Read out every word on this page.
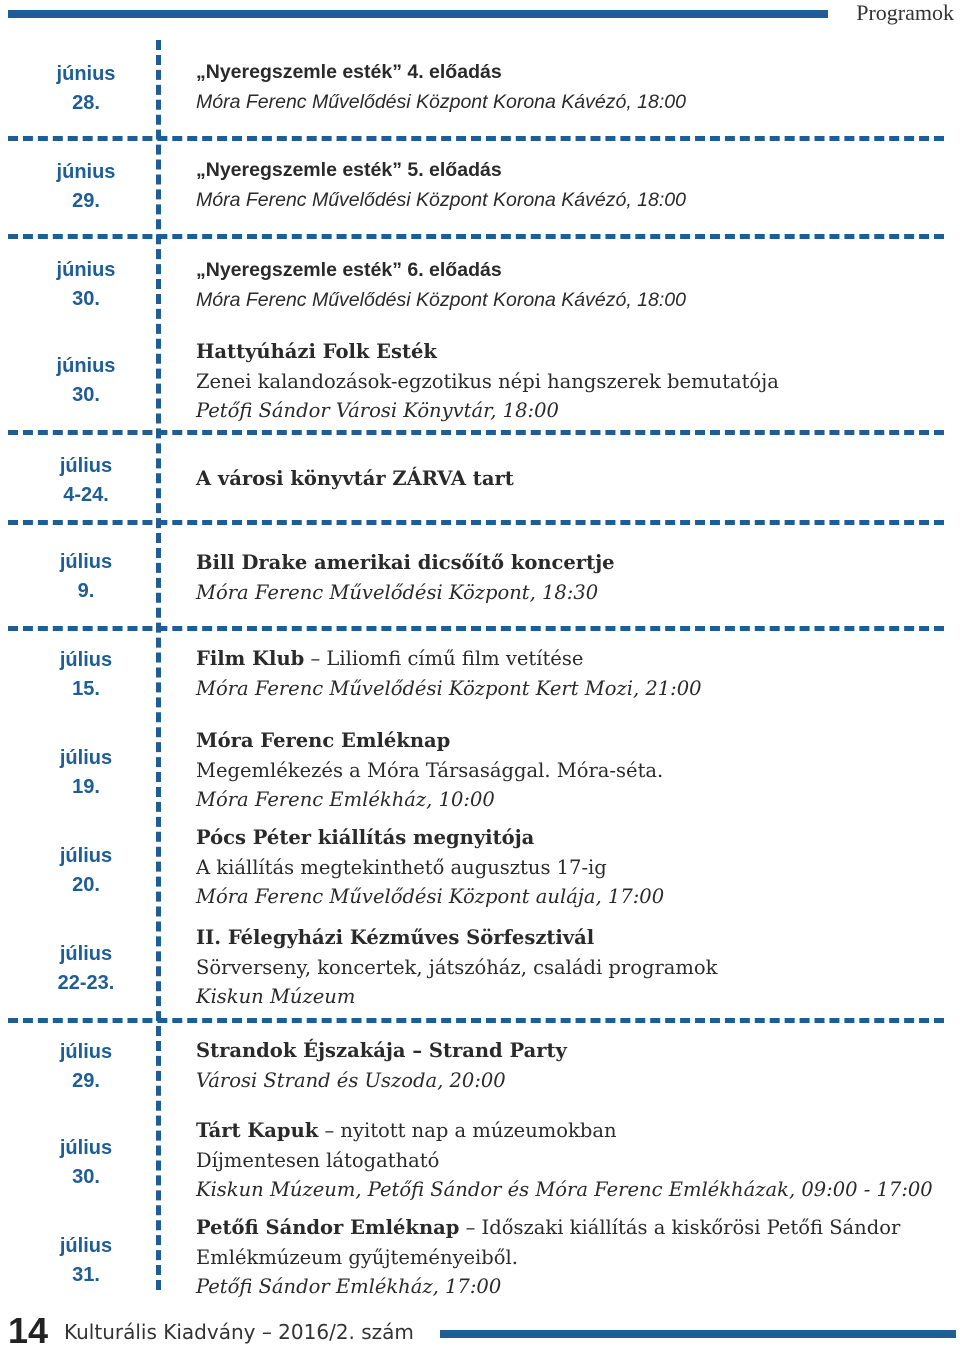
Programok
június
28.
„Nyeregszemle esték” 4. előadás
Móra Ferenc Művelődési Központ Korona Kávézó, 18:00
június
29.
„Nyeregszemle esték” 5. előadás
Móra Ferenc Művelődési Központ Korona Kávézó, 18:00
június
30.
„Nyeregszemle esték” 6. előadás
Móra Ferenc Művelődési Központ Korona Kávézó, 18:00
június
30.
Hattyúházi Folk Esték
Zenei kalandozások-egzotikus népi hangszerek bemutatója
Petőfi Sándor Városi Könyvtár, 18:00
július
4-24.
A városi könyvtár ZÁRVA tart
július
9.
Bill Drake amerikai dicsőítő koncertje
Móra Ferenc Művelődési Központ, 18:30
július
15.
Film Klub – Liliomfi című film vetítése
Móra Ferenc Művelődési Központ Kert Mozi, 21:00
július
19.
Móra Ferenc Emléknap
Megemlékezés a Móra Társasággal. Móra-séta.
Móra Ferenc Emlékház, 10:00
július
20.
Pócs Péter kiállítás megnyitója
A kiállítás megtekinthető augusztus 17-ig
Móra Ferenc Művelődési Központ aulája, 17:00
július
22-23.
II. Félegyházi Kézműves Sörfesztivál
Sörverseny, koncertek, játszóház, családi programok
Kiskun Múzeum
július
29.
Strandok Éjszakája – Strand Party
Városi Strand és Uszoda, 20:00
július
30.
Tárt Kapuk – nyitott nap a múzeumokban
Díjmentesen látogatható
Kiskun Múzeum, Petőfi Sándor és Móra Ferenc Emlékházak, 09:00 - 17:00
július
31.
Petőfi Sándor Emléknap – Időszaki kiállítás a kiskőrösi Petőfi Sándor
Emlékmúzeum gyűjteményeiből.
Petőfi Sándor Emlékház, 17:00
14 Kulturális Kiadvány – 2016/2. szám
